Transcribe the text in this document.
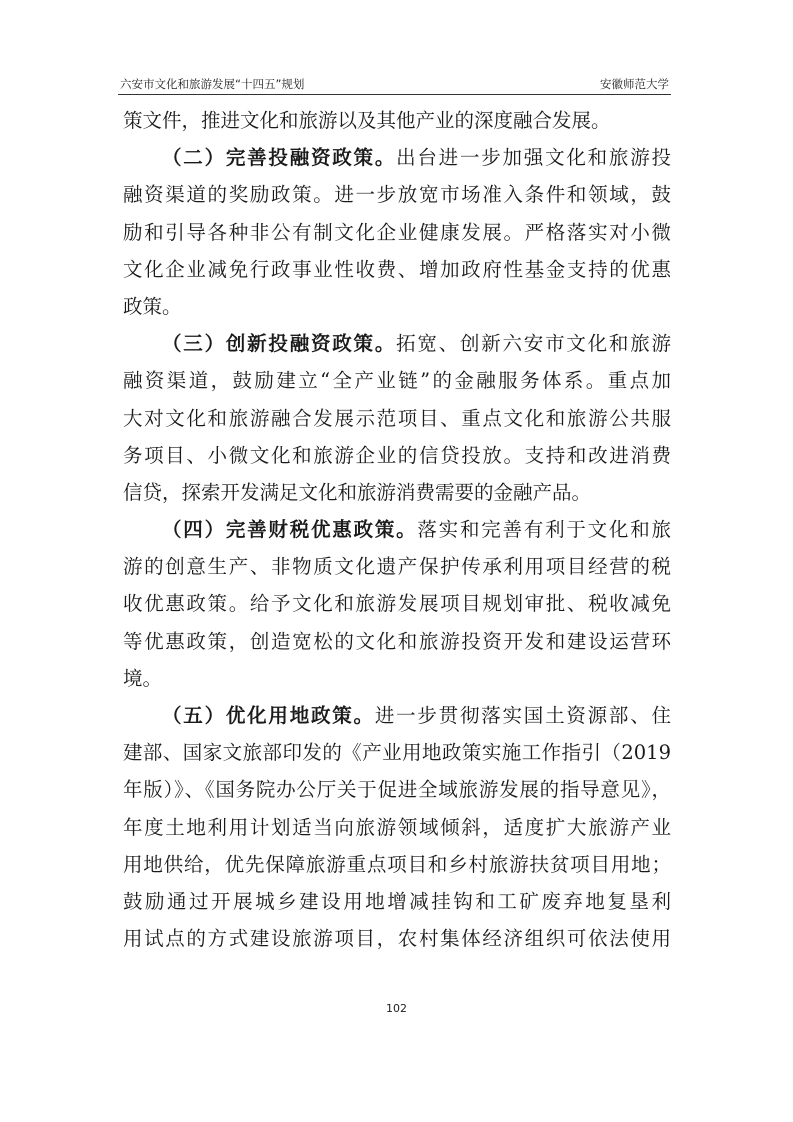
六安市文化和旅游发展“十四五”规划	安徽师范大学
策文件，推进文化和旅游以及其他产业的深度融合发展。
（二）完善投融资政策。出台进一步加强文化和旅游投
融资渠道的奖励政策。进一步放宽市场准入条件和领域，鼓
励和引导各种非公有制文化企业健康发展。严格落实对小微
文化企业减免行政事业性收费、增加政府性基金支持的优惠
政策。
（三）创新投融资政策。拓宽、创新六安市文化和旅游
融资渠道，鼓励建立“全产业链”的金融服务体系。重点加
大对文化和旅游融合发展示范项目、重点文化和旅游公共服
务项目、小微文化和旅游企业的信贷投放。支持和改进消费
信贷，探索开发满足文化和旅游消费需要的金融产品。
（四）完善财税优惠政策。落实和完善有利于文化和旅
游的创意生产、非物质文化遗产保护传承利用项目经营的税
收优惠政策。给予文化和旅游发展项目规划审批、税收减免
等优惠政策，创造宽松的文化和旅游投资开发和建设运营环
境。
（五）优化用地政策。进一步贯彻落实国土资源部、住
建部、国家文旅部印发的《产业用地政策实施工作指引（2019
年版）》、《国务院办公厅关于促进全域旅游发展的指导意见》，
年度土地利用计划适当向旅游领域倾斜，适度扩大旅游产业
用地供给，优先保障旅游重点项目和乡村旅游扶贫项目用地；
鼓励通过开展城乡建设用地增减挂钩和工矿废弃地复垦利
用试点的方式建设旅游项目，农村集体经济组织可依法使用
102
